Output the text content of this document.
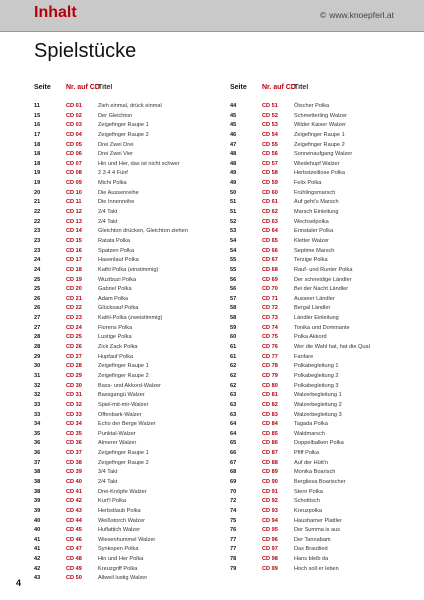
Inhalt	© www.knoepferl.at
Spielstücke
Seite	Nr. auf CD
Titel
11	CD 01	Zieh einmal, drück einmal
15	CD 02	Der Gleichton
16	CD 03	Zeigefinger Raupe 1
17	CD 04	Zeigefinger Raupe 2
18	CD 05	Drei Zwei Drei
18	CD 06	Drei Zwei Vier
18	CD 07	Hin und Her, das ist nicht schwer
19	CD 08	2 3 4 4 Fünf
19	CD 09	Michi Polka
20	CD 10	Die Aussenreihe
21	CD 11	Die Innenreihe
22	CD 12	2/4 Takt
22	CD 13	2/4 Takt
23	CD 14	Gleichton drücken, Gleichton ziehen
23	CD 15	Ratata Polka
23	CD 16	Spatzen Polka
24	CD 17	Hasenlaut Polka
24	CD 18	Kathl Polka (einstimmig)
25	CD 19	Wuzibuzi Polka
25	CD 20	Gabriel Polka
26	CD 21	Adam Polka
26	CD 22	Glücksauf Polka
27	CD 23	Kathl-Polka (zweistimmig)
27	CD 24	Florens Polka
28	CD 25	Lustige Polka
28	CD 26	Zick Zack Polka
29	CD 27	Hupfauf Polka
30	CD 28	Zeigefinger Raupe 1
31	CD 29	Zeigefinger Raupe 2
32	CD 30	Bass- und Akkord-Walzer
32	CD 31	Bassgangü Walzer
33	CD 32	Spiel-mit-mir-Walzer
33	CD 33	Offenbark-Walzer
34	CD 34	Echo der Berge Walzer
35	CD 35	Punktal-Walzer
36	CD 36	Almerer Walzer
36	CD 37	Zeigefinger Raupe 1
37	CD 38	Zeigefinger Raupe 2
38	CD 39	3/4 Takt
38	CD 40	2/4 Takt
38	CD 41	Drei-Knöpfe Walzer
39	CD 42	Kurt'l Polka
39	CD 43	Herbstlaub Polka
40	CD 44	Weißstorch Walzer
40	CD 45	Huflattich Walzer
41	CD 46	Wiesenhummel Walzer
41	CD 47	Synkopen Polka
42	CD 48	Hin und Her Polka
42	CD 49	Kreuzgriff Polka
43	CD 50	Allweil lustig Walzer
Seite	Nr. auf CD
Titel
44	CD 51	Ötscher Polka
45	CD 52	Schmetterling Walzer
45	CD 53	Wilder Kaiser Walzer
46	CD 54	Zeigefinger Raupe 1
47	CD 55	Zeigefinger Raupe 2
48	CD 56	Sonnenaufgang Walzer
48	CD 57	Wiedehupf Walzer
49	CD 58	Herbstzeitlose Polka
49	CD 59	Felix Polka
50	CD 60	Frühlingsmarsch
51	CD 61	Auf geht's Marsch
51	CD 62	Marsch Einleitung
52	CD 63	Wechselpolka
53	CD 64	Ennstaler Polka
54	CD 65	Kletter Walzer
54	CD 66	Septime Marsch
55	CD 67	Terzige Polka
55	CD 68	Rauf- und Runter Polka
56	CD 69	Der schneidige Ländler
56	CD 70	Bei der Nacht Ländler
57	CD 71	Ausseer Ländler
58	CD 72	Bergal Ländler
58	CD 73	Ländler Einleitung
59	CD 74	Tonika und Dominante
60	CD 75	Polka Akkord
61	CD 76	Wer die Wahl hat, hat die Qual
61	CD 77	Fanfare
62	CD 78	Polkabegleitung 1
62	CD 79	Polkabegleitung 2
62	CD 80	Polkabegleitung 3
63	CD 81	Walzerbegleitung 1
63	CD 82	Walzerbegleitung 2
63	CD 83	Walzerbegleitung 3
64	CD 84	Tagada Polka
64	CD 85	Waldmarsch
65	CD 86	Doppelbalken Polka
66	CD 87	Pfiff Polka
67	CD 88	Auf der Hütt'n
68	CD 89	Monika Boarisch
69	CD 90	Bergliesa Boarischer
70	CD 91	Stern Polka
72	CD 92	Schottisch
74	CD 93	Kreuzpolka
75	CD 94	Haushamer Plattler
76	CD 95	Der Summa is aus
77	CD 96	Der Tannabam
77	CD 97	Das Brautlied
78	CD 98	Hans bleib da
79	CD 99	Hoch soll er leben
4
